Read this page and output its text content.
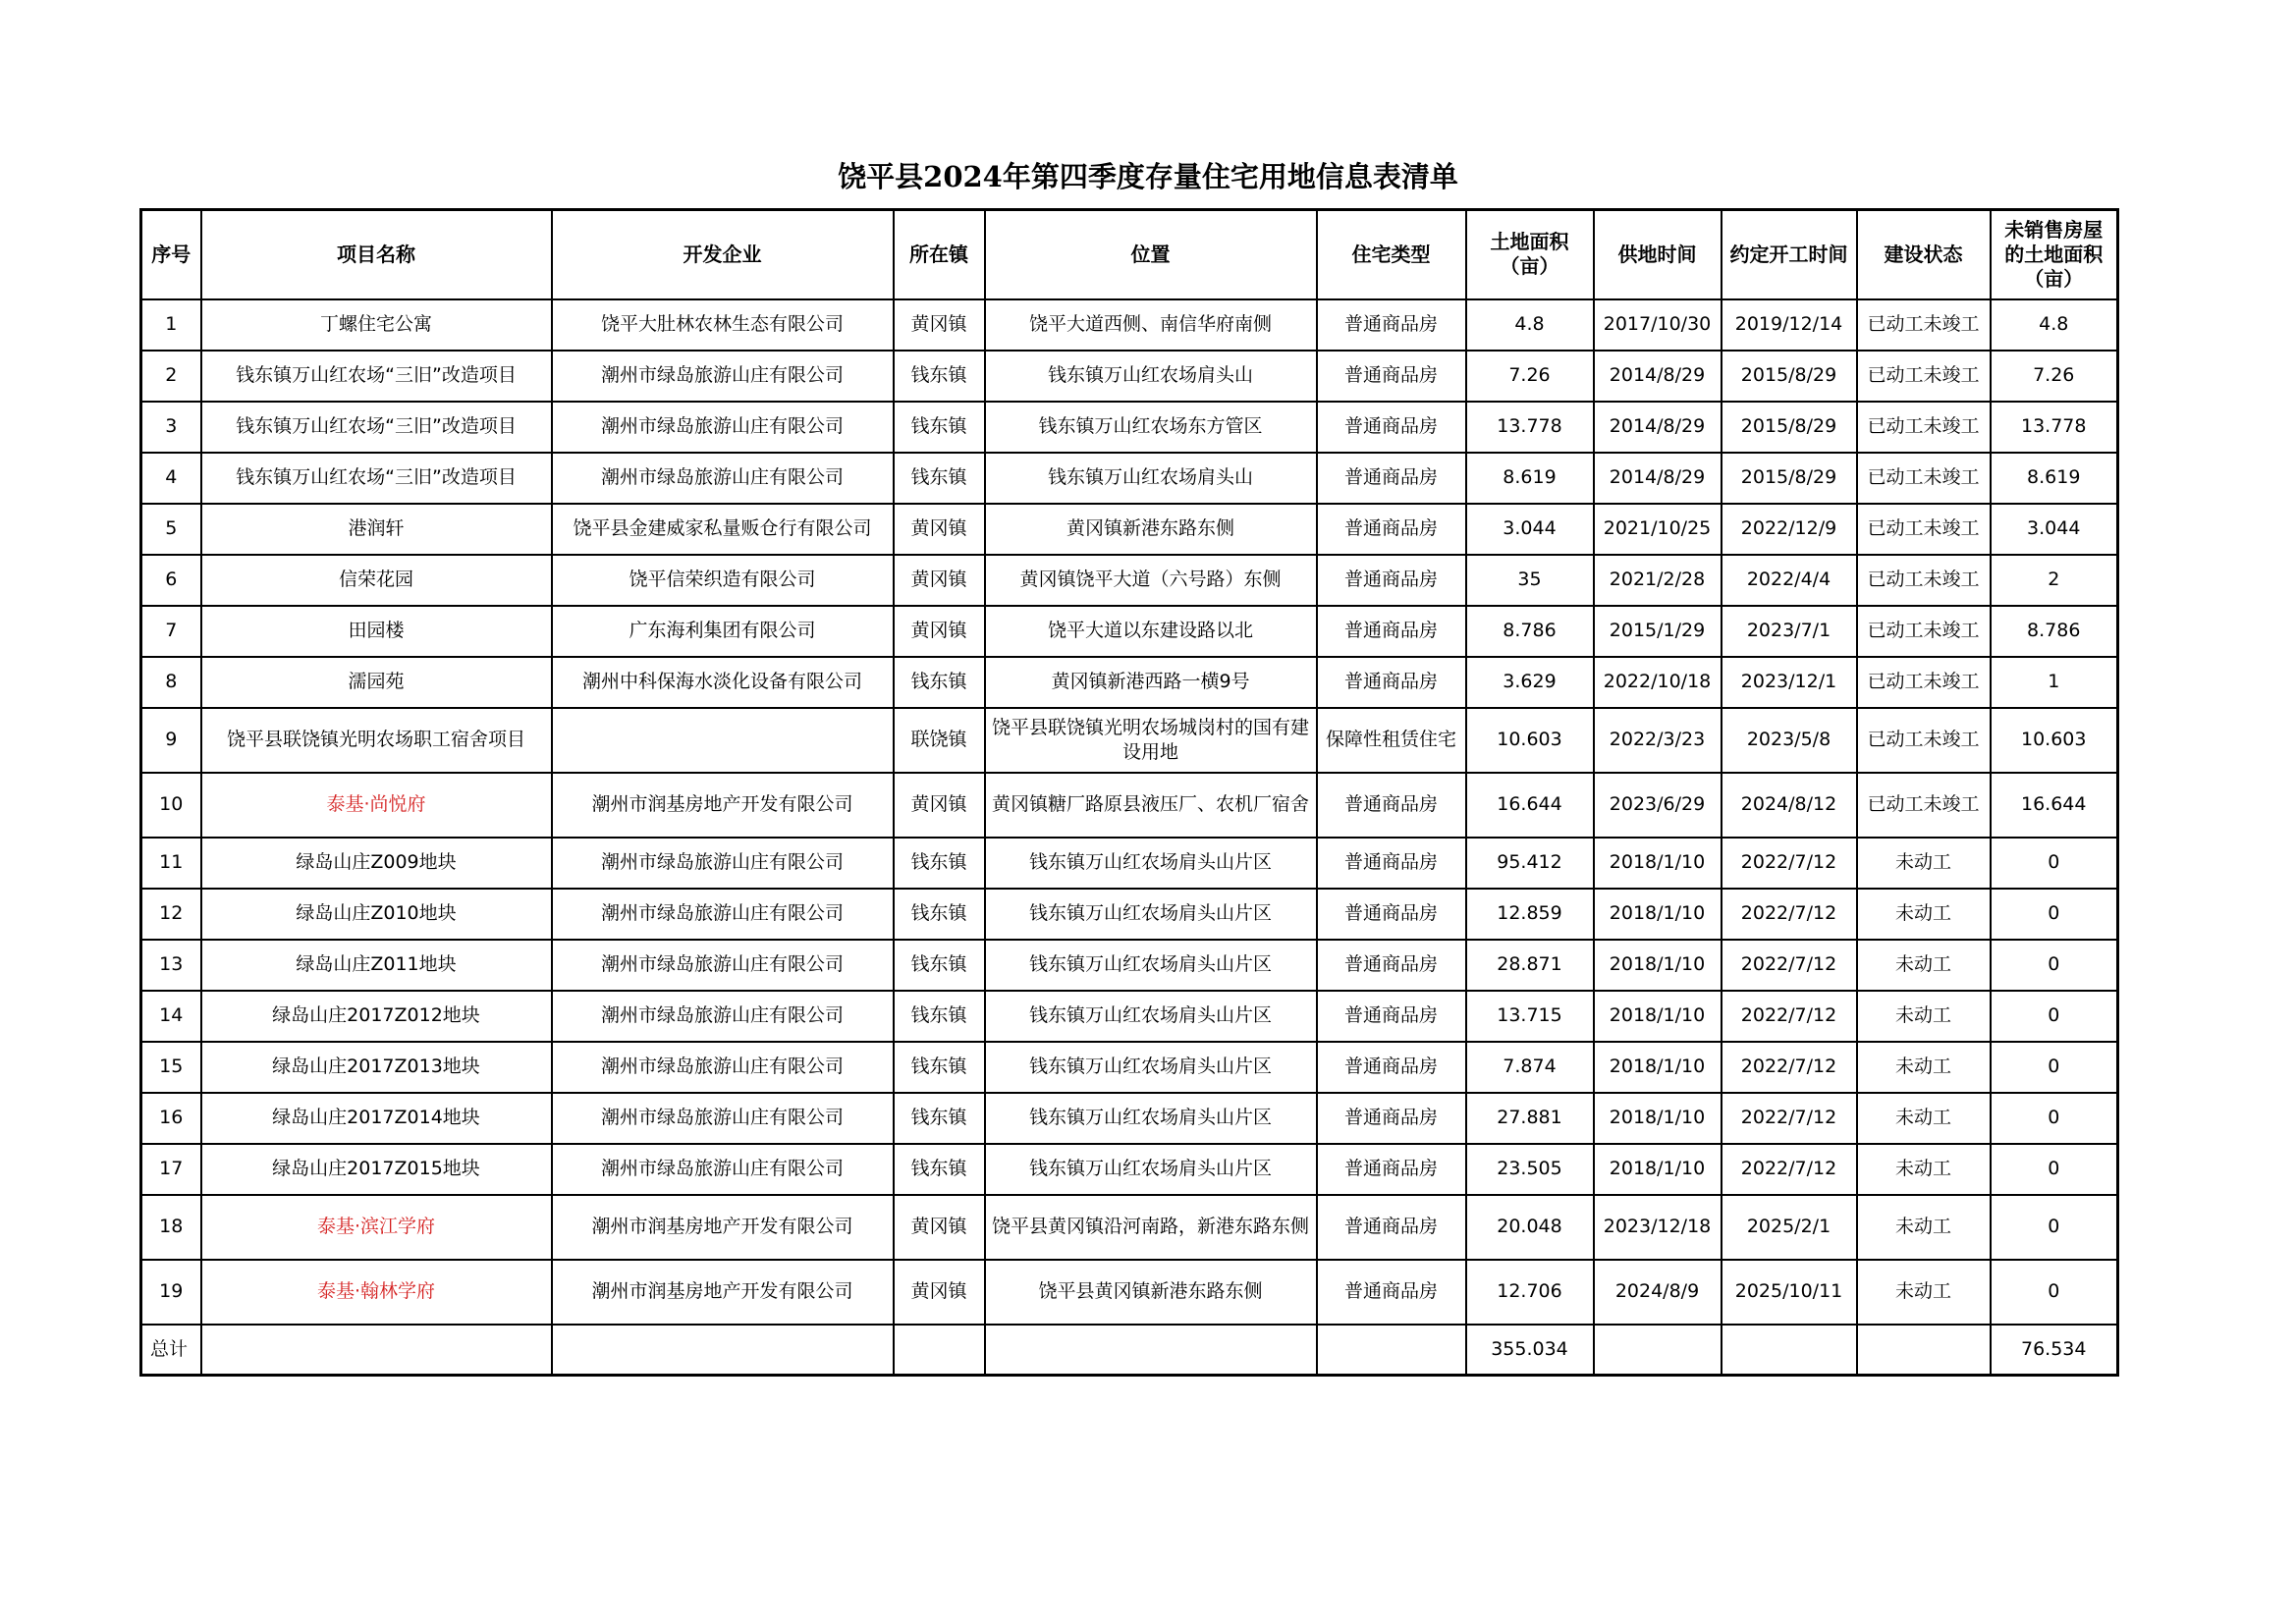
饶平县2024年第四季度存量住宅用地信息表清单
序号	项目名称	开发企业	所在镇	位置	住宅类型	土地面积（亩）	供地时间	约定开工时间	建设状态	未销售房屋的土地面积（亩）
1	丁螺住宅公寓	饶平大肚林农林生态有限公司	黄冈镇	饶平大道西侧、南信华府南侧	普通商品房	4.8	2017/10/30	2019/12/14	已动工未竣工	4.8
2	钱东镇万山红农场“三旧”改造项目	潮州市绿岛旅游山庄有限公司	钱东镇	钱东镇万山红农场肩头山	普通商品房	7.26	2014/8/29	2015/8/29	已动工未竣工	7.26
3	钱东镇万山红农场“三旧”改造项目	潮州市绿岛旅游山庄有限公司	钱东镇	钱东镇万山红农场东方管区	普通商品房	13.778	2014/8/29	2015/8/29	已动工未竣工	13.778
4	钱东镇万山红农场“三旧”改造项目	潮州市绿岛旅游山庄有限公司	钱东镇	钱东镇万山红农场肩头山	普通商品房	8.619	2014/8/29	2015/8/29	已动工未竣工	8.619
5	港润轩	饶平县金建威家私量贩仓行有限公司	黄冈镇	黄冈镇新港东路东侧	普通商品房	3.044	2021/10/25	2022/12/9	已动工未竣工	3.044
6	信荣花园	饶平信荣织造有限公司	黄冈镇	黄冈镇饶平大道（六号路）东侧	普通商品房	35	2021/2/28	2022/4/4	已动工未竣工	2
7	田园楼	广东海利集团有限公司	黄冈镇	饶平大道以东建设路以北	普通商品房	8.786	2015/1/29	2023/7/1	已动工未竣工	8.786
8	濡园苑	潮州中科保海水淡化设备有限公司	钱东镇	黄冈镇新港西路一横9号	普通商品房	3.629	2022/10/18	2023/12/1	已动工未竣工	1
9	饶平县联饶镇光明农场职工宿舍项目		联饶镇	饶平县联饶镇光明农场城岗村的国有建设用地	保障性租赁住宅	10.603	2022/3/23	2023/5/8	已动工未竣工	10.603
10	泰基·尚悦府	潮州市润基房地产开发有限公司	黄冈镇	黄冈镇糖厂路原县液压厂、农机厂宿舍	普通商品房	16.644	2023/6/29	2024/8/12	已动工未竣工	16.644
11	绿岛山庄Z009地块	潮州市绿岛旅游山庄有限公司	钱东镇	钱东镇万山红农场肩头山片区	普通商品房	95.412	2018/1/10	2022/7/12	未动工	0
12	绿岛山庄Z010地块	潮州市绿岛旅游山庄有限公司	钱东镇	钱东镇万山红农场肩头山片区	普通商品房	12.859	2018/1/10	2022/7/12	未动工	0
13	绿岛山庄Z011地块	潮州市绿岛旅游山庄有限公司	钱东镇	钱东镇万山红农场肩头山片区	普通商品房	28.871	2018/1/10	2022/7/12	未动工	0
14	绿岛山庄2017Z012地块	潮州市绿岛旅游山庄有限公司	钱东镇	钱东镇万山红农场肩头山片区	普通商品房	13.715	2018/1/10	2022/7/12	未动工	0
15	绿岛山庄2017Z013地块	潮州市绿岛旅游山庄有限公司	钱东镇	钱东镇万山红农场肩头山片区	普通商品房	7.874	2018/1/10	2022/7/12	未动工	0
16	绿岛山庄2017Z014地块	潮州市绿岛旅游山庄有限公司	钱东镇	钱东镇万山红农场肩头山片区	普通商品房	27.881	2018/1/10	2022/7/12	未动工	0
17	绿岛山庄2017Z015地块	潮州市绿岛旅游山庄有限公司	钱东镇	钱东镇万山红农场肩头山片区	普通商品房	23.505	2018/1/10	2022/7/12	未动工	0
18	泰基·滨江学府	潮州市润基房地产开发有限公司	黄冈镇	饶平县黄冈镇沿河南路，新港东路东侧	普通商品房	20.048	2023/12/18	2025/2/1	未动工	0
19	泰基·翰林学府	潮州市润基房地产开发有限公司	黄冈镇	饶平县黄冈镇新港东路东侧	普通商品房	12.706	2024/8/9	2025/10/11	未动工	0
总计						355.034				76.534
